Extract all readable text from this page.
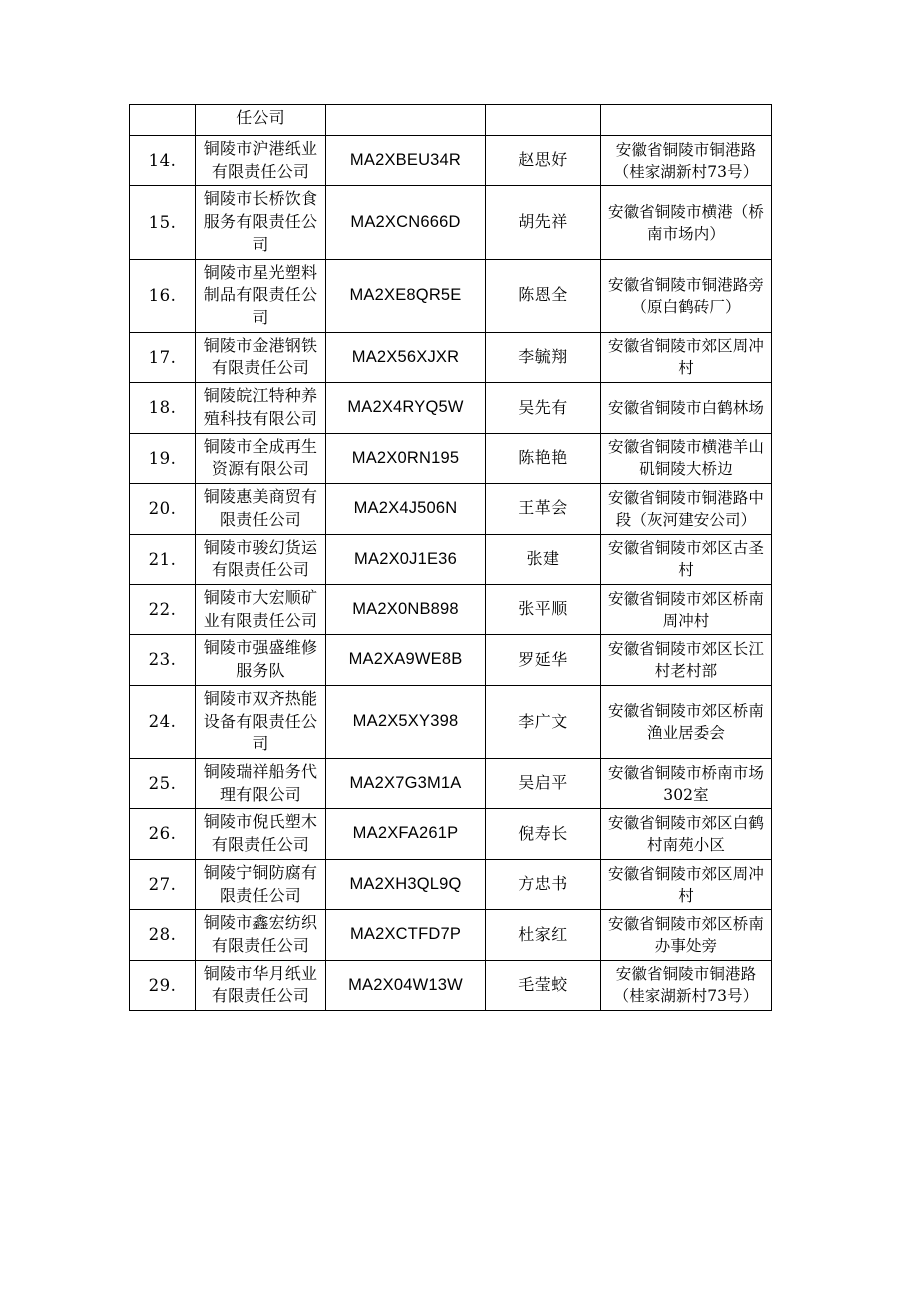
	任公司			
14.	铜陵市沪港纸业有限责任公司	MA2XBEU34R	赵思好	安徽省铜陵市铜港路（桂家湖新村73号）
15.	铜陵市长桥饮食服务有限责任公司	MA2XCN666D	胡先祥	安徽省铜陵市横港（桥南市场内）
16.	铜陵市星光塑料制品有限责任公司	MA2XE8QR5E	陈恩全	安徽省铜陵市铜港路旁（原白鹤砖厂）
17.	铜陵市金港钢铁有限责任公司	MA2X56XJXR	李毓翔	安徽省铜陵市郊区周冲村
18.	铜陵皖江特种养殖科技有限公司	MA2X4RYQ5W	吴先有	安徽省铜陵市白鹤林场
19.	铜陵市全成再生资源有限公司	MA2X0RN195	陈艳艳	安徽省铜陵市横港羊山矶铜陵大桥边
20.	铜陵惠美商贸有限责任公司	MA2X4J506N	王革会	安徽省铜陵市铜港路中段（灰河建安公司）
21.	铜陵市骏幻货运有限责任公司	MA2X0J1E36	张建	安徽省铜陵市郊区古圣村
22.	铜陵市大宏顺矿业有限责任公司	MA2X0NB898	张平顺	安徽省铜陵市郊区桥南周冲村
23.	铜陵市强盛维修服务队	MA2XA9WE8B	罗延华	安徽省铜陵市郊区长江村老村部
24.	铜陵市双齐热能设备有限责任公司	MA2X5XY398	李广文	安徽省铜陵市郊区桥南渔业居委会
25.	铜陵瑞祥船务代理有限公司	MA2X7G3M1A	吴启平	安徽省铜陵市桥南市场302室
26.	铜陵市倪氏塑木有限责任公司	MA2XFA261P	倪寿长	安徽省铜陵市郊区白鹤村南苑小区
27.	铜陵宁铜防腐有限责任公司	MA2XH3QL9Q	方忠书	安徽省铜陵市郊区周冲村
28.	铜陵市鑫宏纺织有限责任公司	MA2XCTFD7P	杜家红	安徽省铜陵市郊区桥南办事处旁
29.	铜陵市华月纸业有限责任公司	MA2X04W13W	毛莹蛟	安徽省铜陵市铜港路（桂家湖新村73号）
